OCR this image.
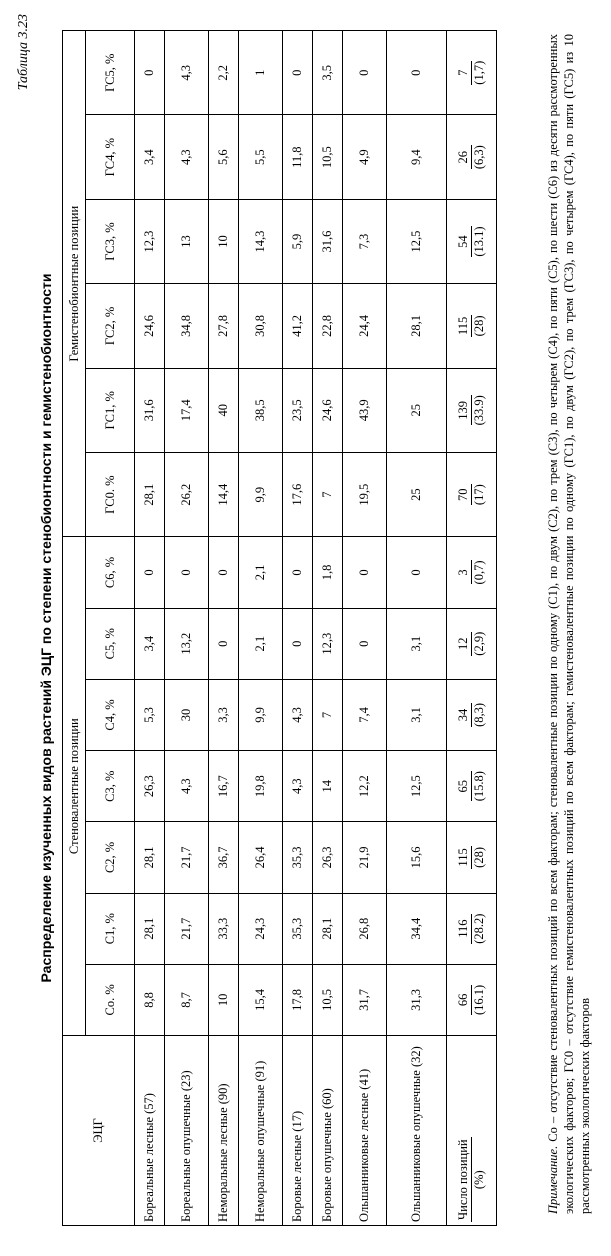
Таблица 3.23
Распределение изученных видов растений ЭЦГ по степени стенобионтности и гемистенобионтности
ЭЦГ	Стеновалентные позиции							Гемистенобионтные позиции					
	Со. %	С1, %	С2, %	С3, %	С4, %	С5, %	С6, %	ГС0. %	ГС1, %	ГС2, %	ГС3, %	ГС4, %	ГС5, %
Бореальные лесные (57)	8,8	28,1	28,1	26,3	5,3	3,4	0	28,1	31,6	24,6	12,3	3,4	0
Бореальные опушечные (23)	8,7	21,7	21,7	4,3	30	13,2	0	26,2	17,4	34,8	13	4,3	4,3
Неморальные лесные (90)	10	33,3	36,7	16,7	3,3	0	0	14,4	40	27,8	10	5,6	2,2
Неморальные опушечные (91)	15,4	24,3	26,4	19,8	9,9	2,1	2,1	9,9	38,5	30,8	14,3	5,5	1
Боровые лесные (17)	17,8	35,3	35,3	4,3	4,3	0	0	17,6	23,5	41,2	5,9	11,8	0
Боровые опушечные (60)	10,5	28,1	26,3	14	7	12,3	1,8	7	24,6	22,8	31,6	10,5	3,5
Ольшанниковые лесные (41)	31,7	26,8	21,9	12,2	7,4	0	0	19,5	43,9	24,4	7,3	4,9	0
Ольшанниковые опушечные (32)	31,3	34,4	15,6	12,5	3,1	3,1	0	25	25	28,1	12,5	9,4	0

Число позиций (%)	66 (16.1)	116 (28.2)	115 (28)	65 (15.8)	34 (8,3)	12 (2,9)	3 (0,7)	70 (17)	139 (33.9)	115 (28)	54 (13.1)	26 (6,3)	7 (1,7)
Примечание. Со – отсутствие стеновалентных позиций по всем факторам; стеновалентные позиции по одному (С1), по двум (С2), по трем (С3), по четырем (С4), по пяти (С5), по шести (С6) из десяти рассмотренных экологических факторов; ГС0 – отсутствие гемистеновалентных позиций по всем факторам; гемистеновалентные позиции по одному (ГС1), по двум (ГС2), по трем (ГС3), по четырем (ГС4), по пяти (ГС5) из 10 рассмотренных экологических факторов
